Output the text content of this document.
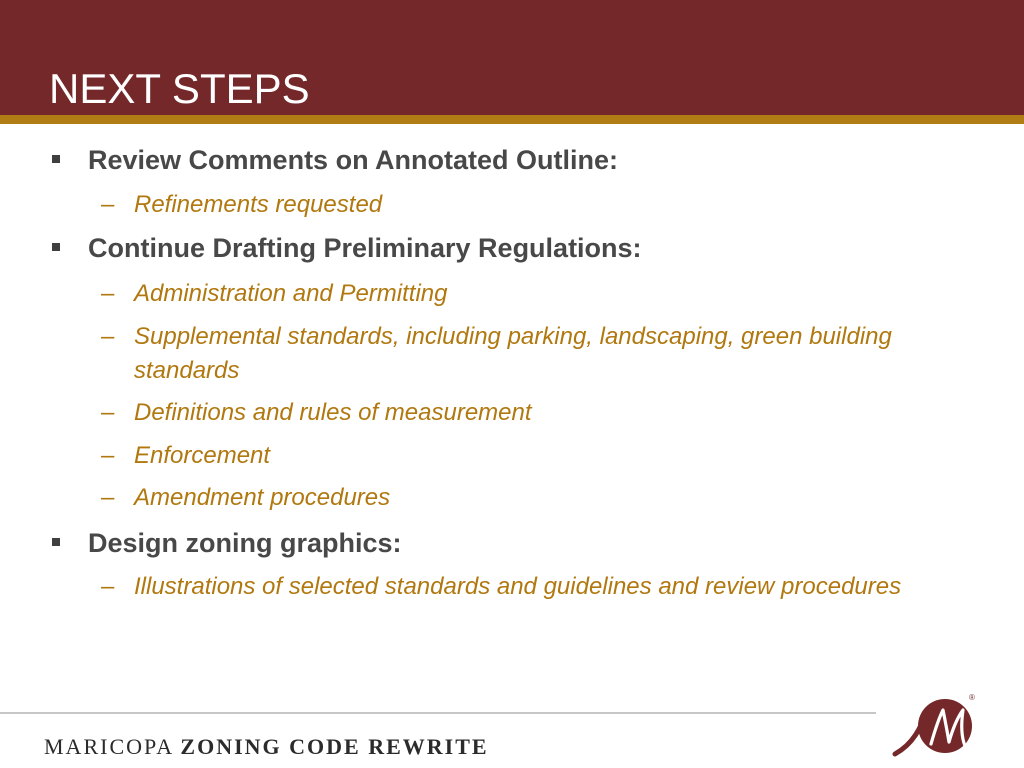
NEXT STEPS
Review Comments on Annotated Outline:
– Refinements requested
Continue Drafting Preliminary Regulations:
– Administration and Permitting
– Supplemental standards, including parking, landscaping, green building standards
– Definitions and rules of measurement
– Enforcement
– Amendment procedures
Design zoning graphics:
– Illustrations of selected standards and guidelines and review procedures
MARICOPA ZONING CODE REWRITE
®
